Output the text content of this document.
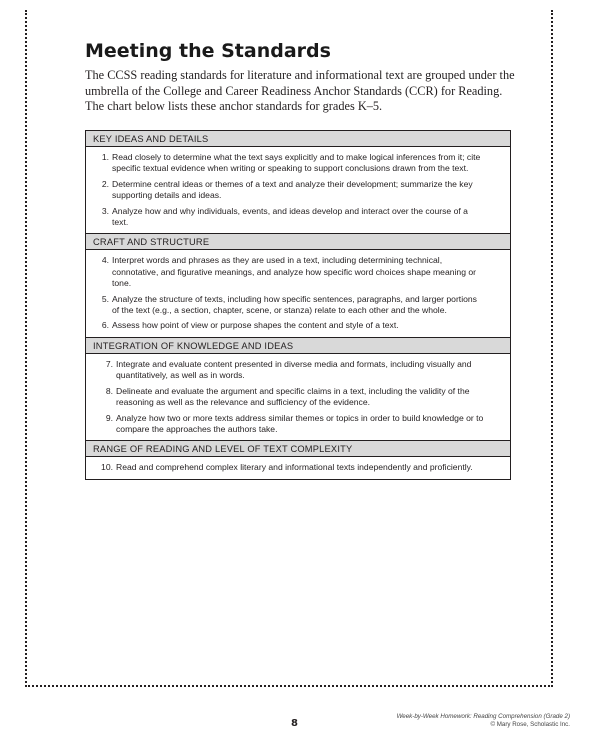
Meeting the Standards

The CCSS reading standards for literature and informational text are grouped under the umbrella of the College and Career Readiness Anchor Standards (CCR) for Reading. The chart below lists these anchor standards for grades K–5.

KEY IDEAS AND DETAILS
1. Read closely to determine what the text says explicitly and to make logical inferences from it; cite specific textual evidence when writing or speaking to support conclusions drawn from the text.
2. Determine central ideas or themes of a text and analyze their development; summarize the key supporting details and ideas.
3. Analyze how and why individuals, events, and ideas develop and interact over the course of a text.
CRAFT AND STRUCTURE
4. Interpret words and phrases as they are used in a text, including determining technical, connotative, and figurative meanings, and analyze how specific word choices shape meaning or tone.
5. Analyze the structure of texts, including how specific sentences, paragraphs, and larger portions of the text (e.g., a section, chapter, scene, or stanza) relate to each other and the whole.
6. Assess how point of view or purpose shapes the content and style of a text.
INTEGRATION OF KNOWLEDGE AND IDEAS
7. Integrate and evaluate content presented in diverse media and formats, including visually and quantitatively, as well as in words.
8. Delineate and evaluate the argument and specific claims in a text, including the validity of the reasoning as well as the relevance and sufficiency of the evidence.
9. Analyze how two or more texts address similar themes or topics in order to build knowledge or to compare the approaches the authors take.
RANGE OF READING AND LEVEL OF TEXT COMPLEXITY
10. Read and comprehend complex literary and informational texts independently and proficiently.
8
Week-by-Week Homework: Reading Comprehension (Grade 2)
© Mary Rose, Scholastic Inc.
